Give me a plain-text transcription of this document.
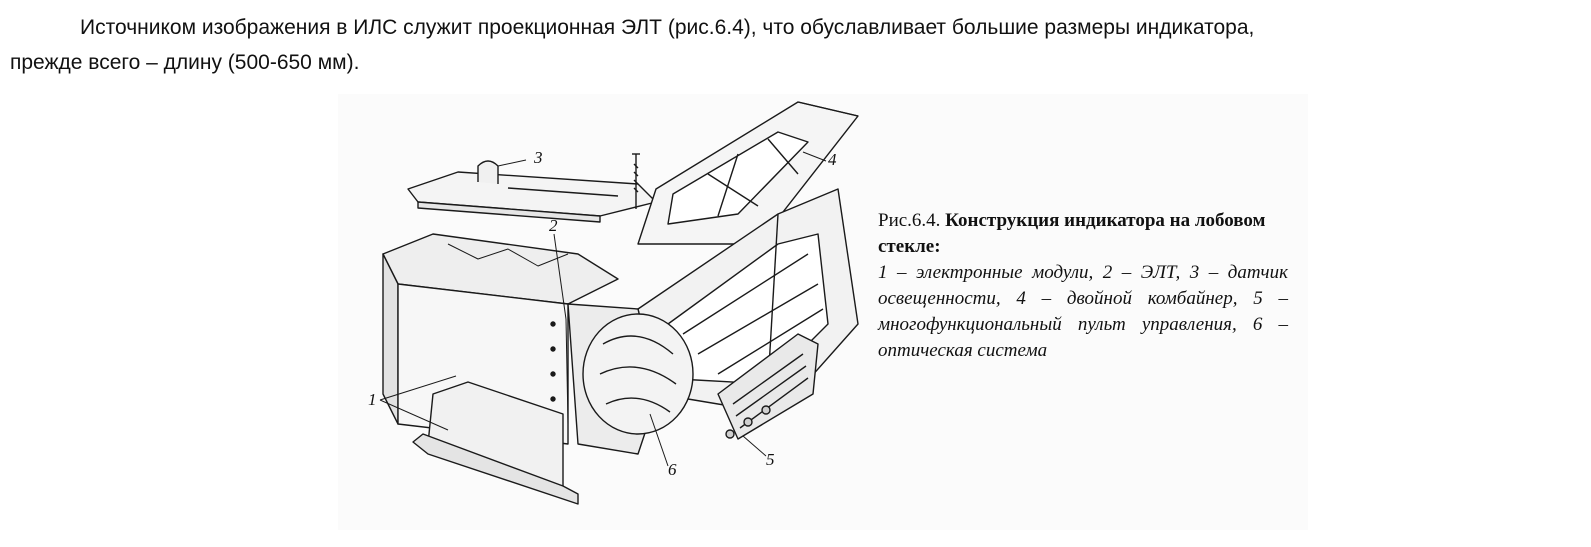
Источником изображения в ИЛС служит проекционная ЭЛТ (рис.6.4), что обуславливает большие размеры индикатора,
прежде всего – длину (500-650 мм).

3
2
4
1
6
5
Рис.6.4. Конструкция индикатора на лобовом стекле:
1 – электронные модули, 2 – ЭЛТ, 3 – датчик освещенности, 4 – двойной комбайнер, 5 – многофункциональный пульт управления, 6 – оптическая система
